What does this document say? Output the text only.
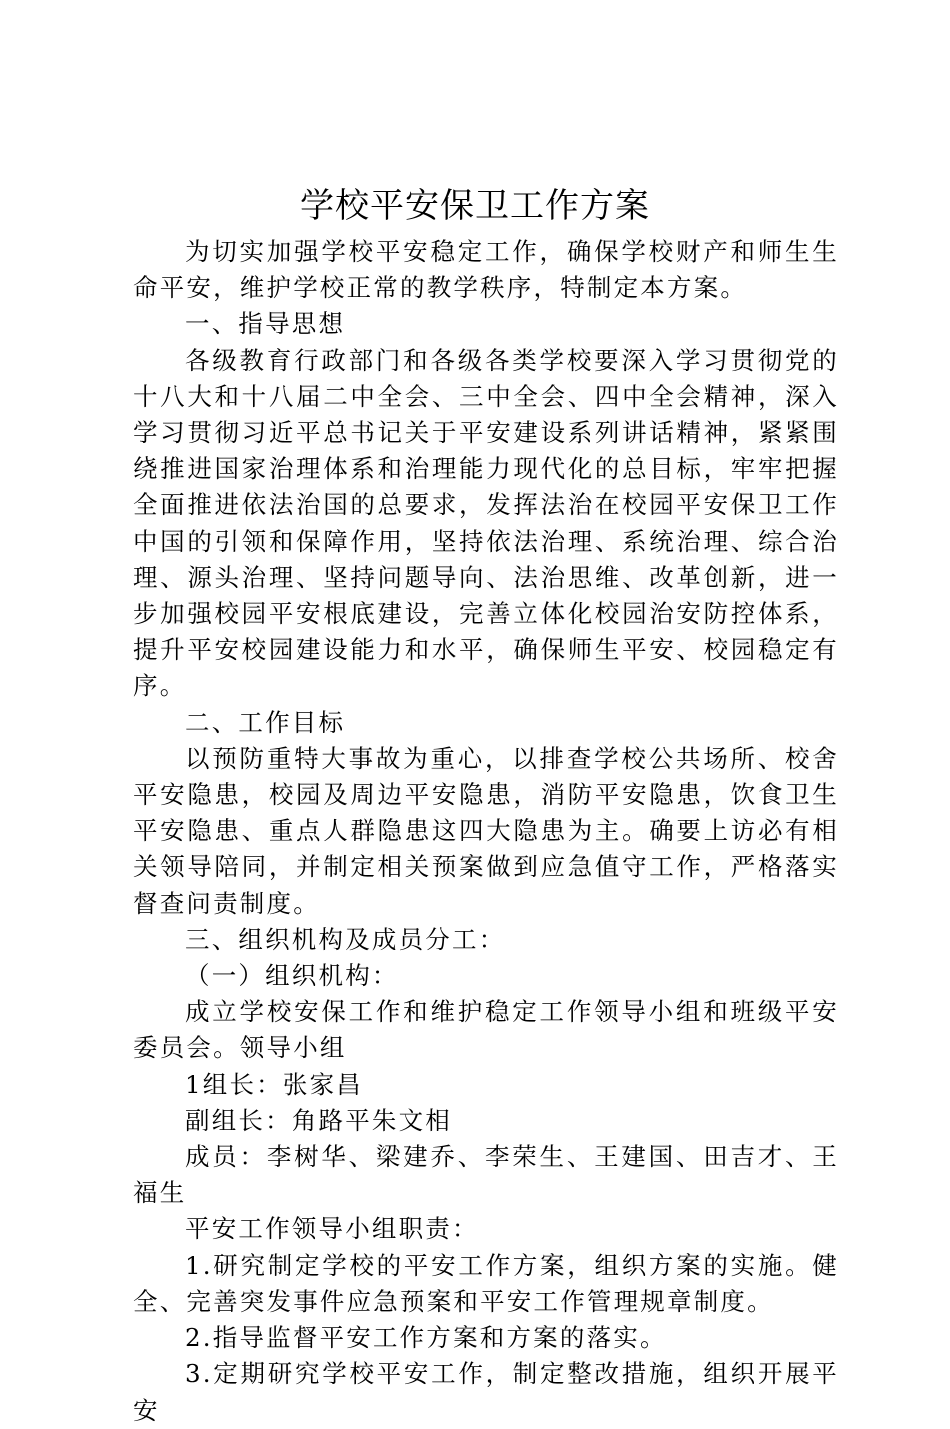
学校平安保卫工作方案

为切实加强学校平安稳定工作，确保学校财产和师生生命平安，维护学校正常的教学秩序，特制定本方案。

一、指导思想

各级教育行政部门和各级各类学校要深入学习贯彻党的十八大和十八届二中全会、三中全会、四中全会精神，深入学习贯彻习近平总书记关于平安建设系列讲话精神，紧紧围绕推进国家治理体系和治理能力现代化的总目标，牢牢把握全面推进依法治国的总要求，发挥法治在校园平安保卫工作中国的引领和保障作用，坚持依法治理、系统治理、综合治理、源头治理、坚持问题导向、法治思维、改革创新，进一步加强校园平安根底建设，完善立体化校园治安防控体系，提升平安校园建设能力和水平，确保师生平安、校园稳定有序。

二、工作目标

以预防重特大事故为重心，以排查学校公共场所、校舍平安隐患，校园及周边平安隐患，消防平安隐患，饮食卫生平安隐患、重点人群隐患这四大隐患为主。确要上访必有相关领导陪同，并制定相关预案做到应急值守工作，严格落实督查问责制度。

三、组织机构及成员分工：

（一）组织机构：

成立学校安保工作和维护稳定工作领导小组和班级平安委员会。领导小组

1组长：张家昌

副组长：角路平朱文相

成员：李树华、梁建乔、李荣生、王建国、田吉才、王福生

平安工作领导小组职责：

1.研究制定学校的平安工作方案，组织方案的实施。健全、完善突发事件应急预案和平安工作管理规章制度。

2.指导监督平安工作方案和方案的落实。

3.定期研究学校平安工作，制定整改措施，组织开展平安
